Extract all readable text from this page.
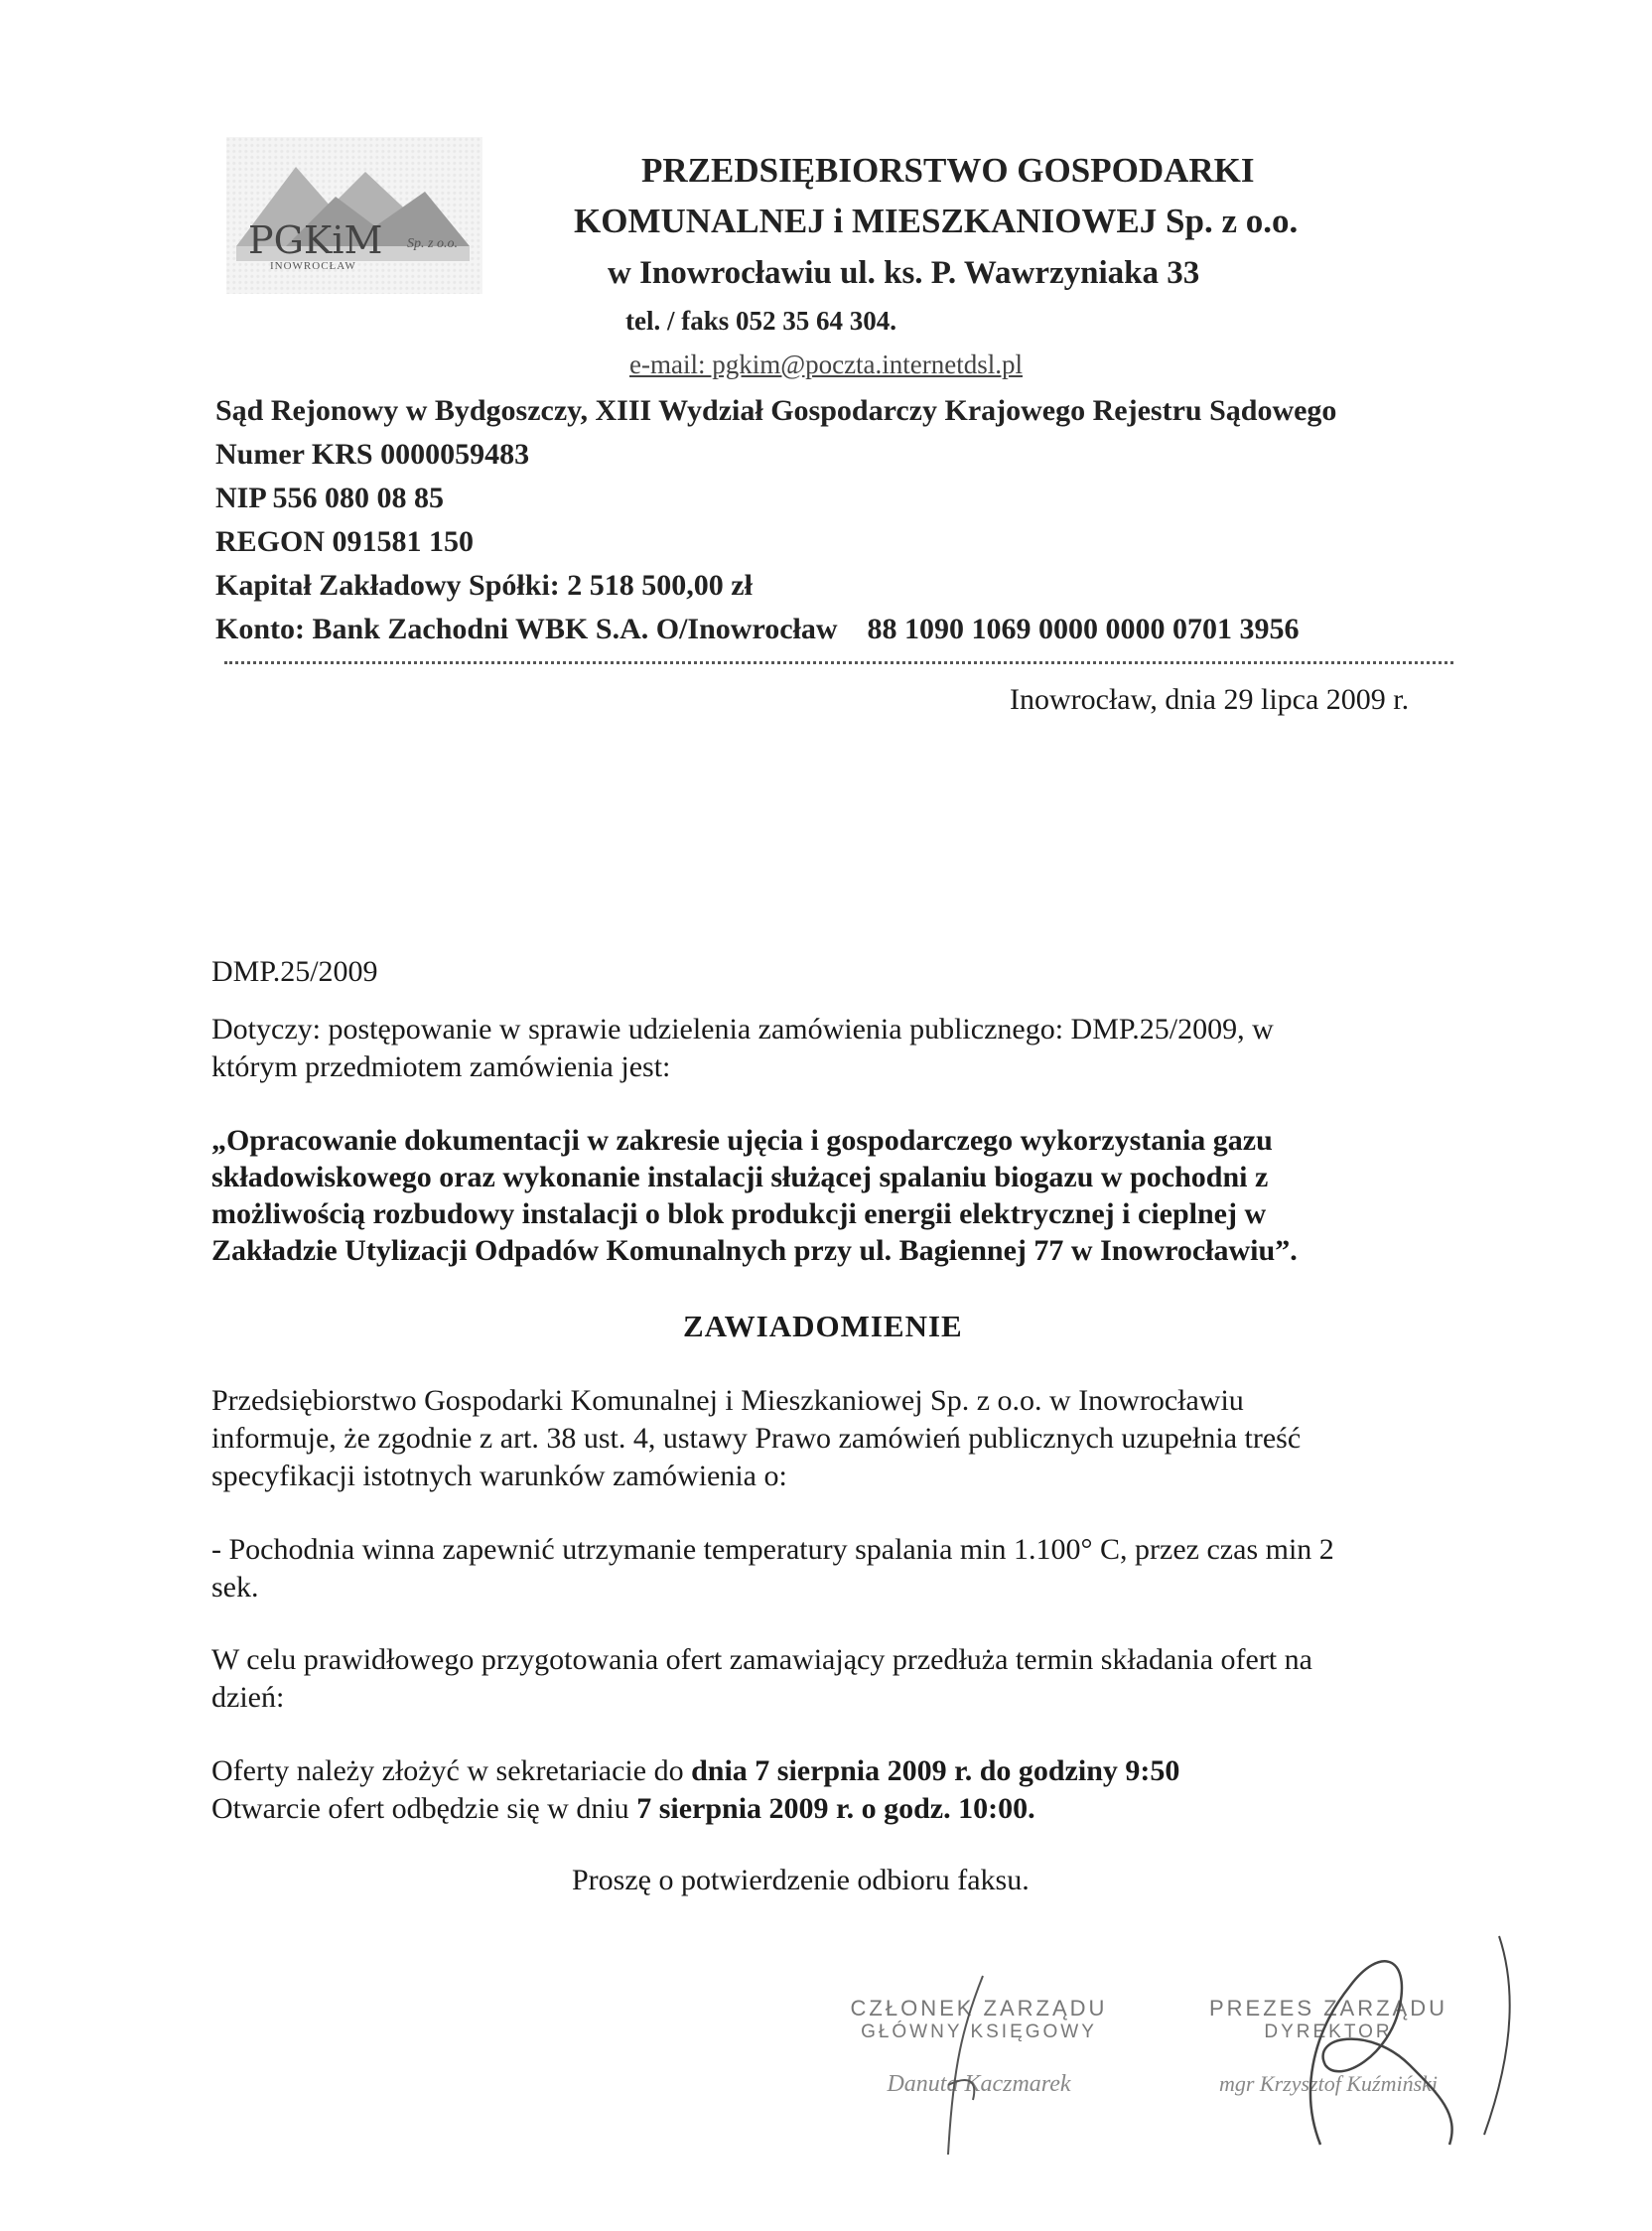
PGKiM Sp. z o.o.
INOWROCŁAW
PRZEDSIĘBIORSTWO GOSPODARKI
KOMUNALNEJ i MIESZKANIOWEJ Sp. z o.o.
w Inowrocławiu ul. ks. P. Wawrzyniaka 33
tel. / faks 052 35 64 304.
e-mail: pgkim@poczta.internetdsl.pl
Sąd Rejonowy w Bydgoszczy, XIII Wydział Gospodarczy Krajowego Rejestru Sądowego
Numer KRS 0000059483
NIP 556 080 08 85
REGON 091581 150
Kapitał Zakładowy Spółki: 2 518 500,00 zł
Konto: Bank Zachodni WBK S.A. O/Inowrocław    88 1090 1069 0000 0000 0701 3956
Inowrocław, dnia 29 lipca 2009 r.
DMP.25/2009
Dotyczy: postępowanie w sprawie udzielenia zamówienia publicznego: DMP.25/2009, w
którym przedmiotem zamówienia jest:
„Opracowanie dokumentacji w zakresie ujęcia i gospodarczego wykorzystania gazu
składowiskowego oraz wykonanie instalacji służącej spalaniu biogazu w pochodni z
możliwością rozbudowy instalacji o blok produkcji energii elektrycznej i cieplnej w
Zakładzie Utylizacji Odpadów Komunalnych przy ul. Bagiennej 77 w Inowrocławiu”.
ZAWIADOMIENIE
Przedsiębiorstwo Gospodarki Komunalnej i Mieszkaniowej Sp. z o.o. w Inowrocławiu
informuje, że zgodnie z art. 38 ust. 4, ustawy Prawo zamówień publicznych uzupełnia treść
specyfikacji istotnych warunków zamówienia o:
- Pochodnia winna zapewnić utrzymanie temperatury spalania min 1.100° C, przez czas min 2
sek.
W celu prawidłowego przygotowania ofert zamawiający przedłuża termin składania ofert na
dzień:
Oferty należy złożyć w sekretariacie do dnia 7 sierpnia 2009 r. do godziny 9:50
Otwarcie ofert odbędzie się w dniu 7 sierpnia 2009 r. o godz. 10:00.
Proszę o potwierdzenie odbioru faksu.
CZŁONEK ZARZĄDU
GŁÓWNY KSIĘGOWY
Danuta Kaczmarek
PREZES ZARZĄDU
DYREKTOR
mgr Krzysztof Kuźmiński
